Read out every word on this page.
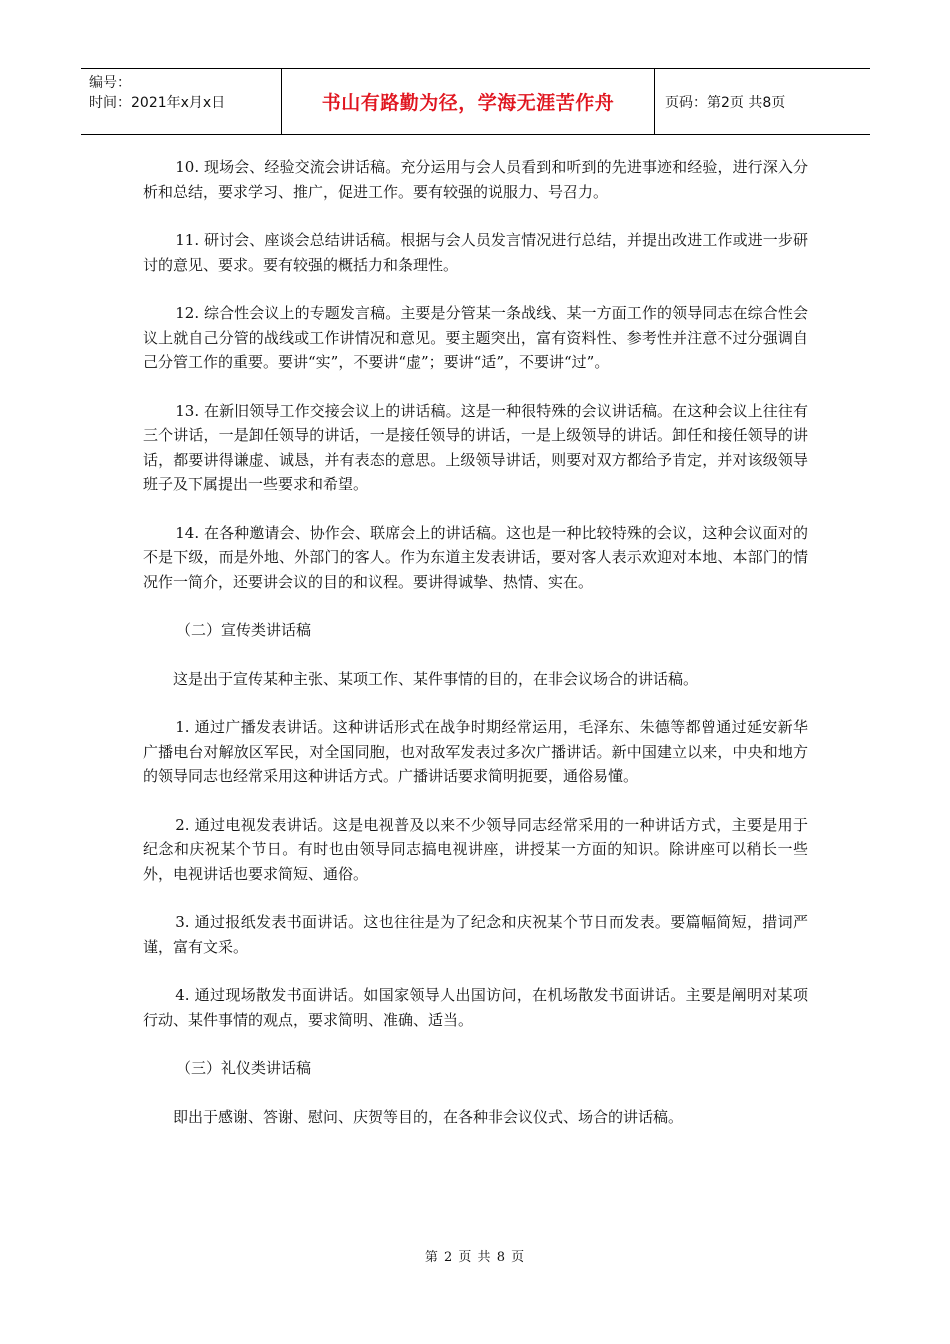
编号：
时间：2021年x月x日	书山有路勤为径，学海无涯苦作舟	页码：第2页 共8页

10. 现场会、经验交流会讲话稿。充分运用与会人员看到和听到的先进事迹和经验，进行深入分析和总结，要求学习、推广，促进工作。要有较强的说服力、号召力。

11. 研讨会、座谈会总结讲话稿。根据与会人员发言情况进行总结，并提出改进工作或进一步研讨的意见、要求。要有较强的概括力和条理性。

12. 综合性会议上的专题发言稿。主要是分管某一条战线、某一方面工作的领导同志在综合性会议上就自己分管的战线或工作讲情况和意见。要主题突出，富有资料性、参考性并注意不过分强调自己分管工作的重要。要讲“实”，不要讲“虚”；要讲“适”，不要讲“过”。

13. 在新旧领导工作交接会议上的讲话稿。这是一种很特殊的会议讲话稿。在这种会议上往往有三个讲话，一是卸任领导的讲话，一是接任领导的讲话，一是上级领导的讲话。卸任和接任领导的讲话，都要讲得谦虚、诚恳，并有表态的意思。上级领导讲话，则要对双方都给予肯定，并对该级领导班子及下属提出一些要求和希望。

14. 在各种邀请会、协作会、联席会上的讲话稿。这也是一种比较特殊的会议，这种会议面对的不是下级，而是外地、外部门的客人。作为东道主发表讲话，要对客人表示欢迎对本地、本部门的情况作一简介，还要讲会议的目的和议程。要讲得诚挚、热情、实在。

（二）宣传类讲话稿

这是出于宣传某种主张、某项工作、某件事情的目的，在非会议场合的讲话稿。

1. 通过广播发表讲话。这种讲话形式在战争时期经常运用，毛泽东、朱德等都曾通过延安新华广播电台对解放区军民，对全国同胞，也对敌军发表过多次广播讲话。新中国建立以来，中央和地方的领导同志也经常采用这种讲话方式。广播讲话要求简明扼要，通俗易懂。

2. 通过电视发表讲话。这是电视普及以来不少领导同志经常采用的一种讲话方式，主要是用于纪念和庆祝某个节日。有时也由领导同志搞电视讲座，讲授某一方面的知识。除讲座可以稍长一些外，电视讲话也要求简短、通俗。

3. 通过报纸发表书面讲话。这也往往是为了纪念和庆祝某个节日而发表。要篇幅简短，措词严谨，富有文采。

4. 通过现场散发书面讲话。如国家领导人出国访问，在机场散发书面讲话。主要是阐明对某项行动、某件事情的观点，要求简明、准确、适当。

（三）礼仪类讲话稿

即出于感谢、答谢、慰问、庆贺等目的，在各种非会议仪式、场合的讲话稿。

第 2 页 共 8 页
